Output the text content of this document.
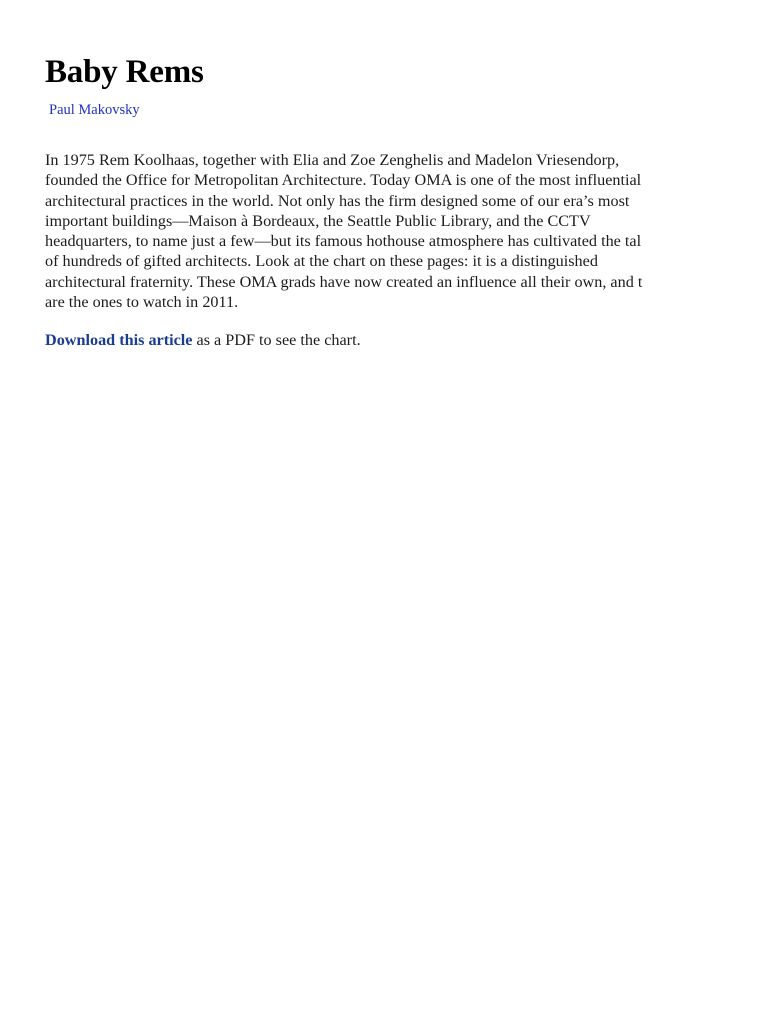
Baby Rems
Paul Makovsky
In 1975 Rem Koolhaas, together with Elia and Zoe Zenghelis and Madelon Vriesendorp,
founded the Office for Metropolitan Architecture. Today OMA is one of the most influential
architectural practices in the world. Not only has the firm designed some of our era’s most
important buildings—Maison à Bordeaux, the Seattle Public Library, and the CCTV
headquarters, to name just a few—but its famous hothouse atmosphere has cultivated the tal
of hundreds of gifted architects. Look at the chart on these pages: it is a distinguished
architectural fraternity. These OMA grads have now created an influence all their own, and t
are the ones to watch in 2011.

Download this article as a PDF to see the chart.
